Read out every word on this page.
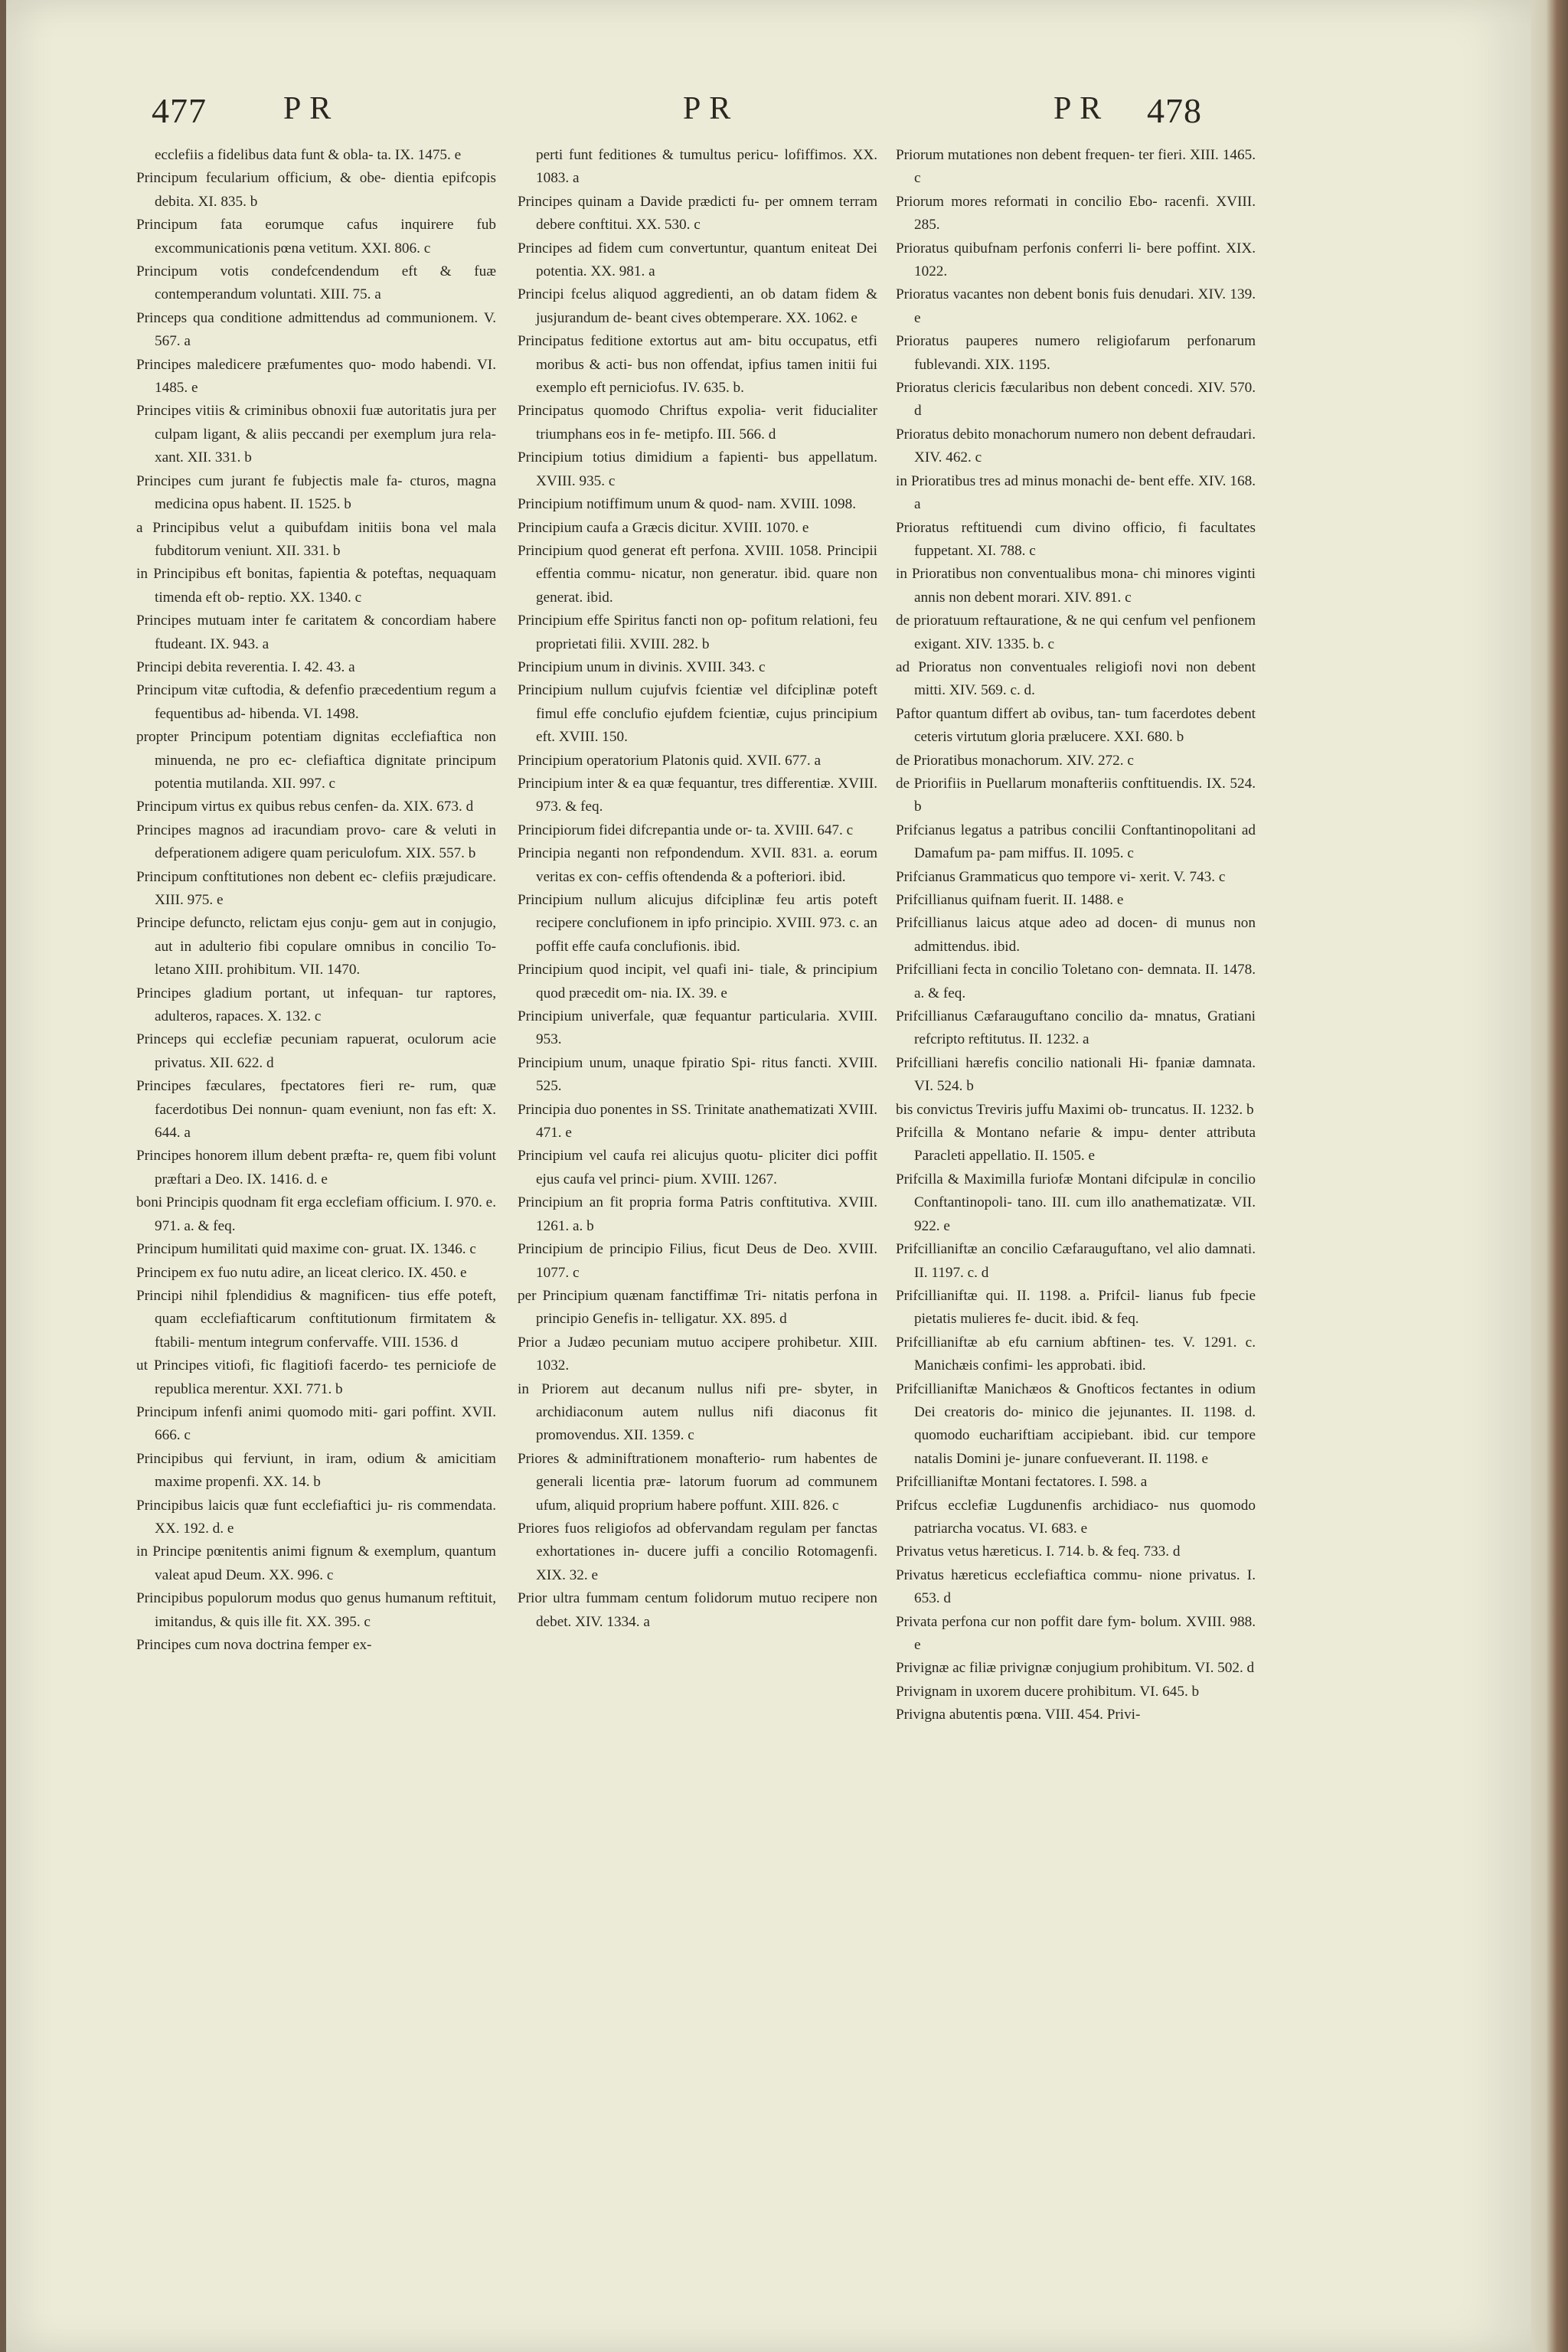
477 P R	P R	P R 478

ecclefiis a fidelibus data funt & obla- ta. IX. 1475. e

Principum fecularium officium, & obe- dientia epifcopis debita. XI. 835. b

Principum fata eorumque cafus inquirere fub excommunicationis pœna vetitum. XXI. 806. c

Principum votis condefcendendum eft & fuæ contemperandum voluntati. XIII. 75. a

Princeps qua conditione admittendus ad communionem. V. 567. a

Principes maledicere præfumentes quo- modo habendi. VI. 1485. e

Principes vitiis & criminibus obnoxii fuæ autoritatis jura per culpam ligant, & aliis peccandi per exemplum jura rela- xant. XII. 331. b

Principes cum jurant fe fubjectis male fa- cturos, magna medicina opus habent. II. 1525. b

a Principibus velut a quibufdam initiis bona vel mala fubditorum veniunt. XII. 331. b

in Principibus eft bonitas, fapientia & poteftas, nequaquam timenda eft ob- reptio. XX. 1340. c

Principes mutuam inter fe caritatem & concordiam habere ftudeant. IX. 943. a

Principi debita reverentia. I. 42. 43. a

Principum vitæ cuftodia, & defenfio præcedentium regum a fequentibus ad- hibenda. VI. 1498.

propter Principum potentiam dignitas ecclefiaftica non minuenda, ne pro ec- clefiaftica dignitate principum potentia mutilanda. XII. 997. c

Principum virtus ex quibus rebus cenfen- da. XIX. 673. d

Principes magnos ad iracundiam provo- care & veluti in defperationem adigere quam periculofum. XIX. 557. b

Principum conftitutiones non debent ec- clefiis præjudicare. XIII. 975. e

Principe defuncto, relictam ejus conju- gem aut in conjugio, aut in adulterio fibi copulare omnibus in concilio To- letano XIII. prohibitum. VII. 1470.

Principes gladium portant, ut infequan- tur raptores, adulteros, rapaces. X. 132. c

Princeps qui ecclefiæ pecuniam rapuerat, oculorum acie privatus. XII. 622. d

Principes fæculares, fpectatores fieri re- rum, quæ facerdotibus Dei nonnun- quam eveniunt, non fas eft: X. 644. a

Principes honorem illum debent præfta- re, quem fibi volunt præftari a Deo. IX. 1416. d. e

boni Principis quodnam fit erga ecclefiam officium. I. 970. e. 971. a. & feq.

Principum humilitati quid maxime con- gruat. IX. 1346. c

Principem ex fuo nutu adire, an liceat clerico. IX. 450. e

Principi nihil fplendidius & magnificen- tius effe poteft, quam ecclefiafticarum conftitutionum firmitatem & ftabili- mentum integrum confervaffe. VIII. 1536. d

ut Principes vitiofi, fic flagitiofi facerdo- tes perniciofe de republica merentur. XXI. 771. b

Principum infenfi animi quomodo miti- gari poffint. XVII. 666. c

Principibus qui ferviunt, in iram, odium & amicitiam maxime propenfi. XX. 14. b

Principibus laicis quæ funt ecclefiaftici ju- ris commendata. XX. 192. d. e

in Principe pœnitentis animi fignum & exemplum, quantum valeat apud Deum. XX. 996. c

Principibus populorum modus quo genus humanum reftituit, imitandus, & quis ille fit. XX. 395. c

Principes cum nova doctrina femper ex-

perti funt feditiones & tumultus pericu- lofiffimos. XX. 1083. a

Principes quinam a Davide prædicti fu- per omnem terram debere conftitui. XX. 530. c

Principes ad fidem cum convertuntur, quantum eniteat Dei potentia. XX. 981. a

Principi fcelus aliquod aggredienti, an ob datam fidem & jusjurandum de- beant cives obtemperare. XX. 1062. e

Principatus feditione extortus aut am- bitu occupatus, etfi moribus & acti- bus non offendat, ipfius tamen initii fui exemplo eft perniciofus. IV. 635. b.

Principatus quomodo Chriftus expolia- verit fiducialiter triumphans eos in fe- metipfo. III. 566. d

Principium totius dimidium a fapienti- bus appellatum. XVIII. 935. c

Principium notiffimum unum & quod- nam. XVIII. 1098.

Principium caufa a Græcis dicitur. XVIII. 1070. e

Principium quod generat eft perfona. XVIII. 1058. Principii effentia commu- nicatur, non generatur. ibid. quare non generat. ibid.

Principium effe Spiritus fancti non op- pofitum relationi, feu proprietati filii. XVIII. 282. b

Principium unum in divinis. XVIII. 343. c

Principium nullum cujufvis fcientiæ vel difciplinæ poteft fimul effe conclufio ejufdem fcientiæ, cujus principium eft. XVIII. 150.

Principium operatorium Platonis quid. XVII. 677. a

Principium inter & ea quæ fequantur, tres differentiæ. XVIII. 973. & feq.

Principiorum fidei difcrepantia unde or- ta. XVIII. 647. c

Principia neganti non refpondendum. XVII. 831. a. eorum veritas ex con- ceffis oftendenda & a pofteriori. ibid.

Principium nullum alicujus difciplinæ feu artis poteft recipere conclufionem in ipfo principio. XVIII. 973. c. an poffit effe caufa conclufionis. ibid.

Principium quod incipit, vel quafi ini- tiale, & principium quod præcedit om- nia. IX. 39. e

Principium univerfale, quæ fequantur particularia. XVIII. 953.

Principium unum, unaque fpiratio Spi- ritus fancti. XVIII. 525.

Principia duo ponentes in SS. Trinitate anathematizati XVIII. 471. e

Principium vel caufa rei alicujus quotu- pliciter dici poffit ejus caufa vel princi- pium. XVIII. 1267.

Principium an fit propria forma Patris conftitutiva. XVIII. 1261. a. b

Principium de principio Filius, ficut Deus de Deo. XVIII. 1077. c

per Principium quænam fanctiffimæ Tri- nitatis perfona in principio Genefis in- telligatur. XX. 895. d

Prior a Judæo pecuniam mutuo accipere prohibetur. XIII. 1032.

in Priorem aut decanum nullus nifi pre- sbyter, in archidiaconum autem nullus nifi diaconus fit promovendus. XII. 1359. c

Priores & adminiftrationem monafterio- rum habentes de generali licentia præ- latorum fuorum ad communem ufum, aliquid proprium habere poffunt. XIII. 826. c

Priores fuos religiofos ad obfervandam regulam per fanctas exhortationes in- ducere juffi a concilio Rotomagenfi. XIX. 32. e

Prior ultra fummam centum folidorum mutuo recipere non debet. XIV. 1334. a

Priorum mutationes non debent frequen- ter fieri. XIII. 1465. c

Priorum mores reformati in concilio Ebo- racenfi. XVIII. 285.

Prioratus quibufnam perfonis conferri li- bere poffint. XIX. 1022.

Prioratus vacantes non debent bonis fuis denudari. XIV. 139. e

Prioratus pauperes numero religiofarum perfonarum fublevandi. XIX. 1195.

Prioratus clericis fæcularibus non debent concedi. XIV. 570. d

Prioratus debito monachorum numero non debent defraudari. XIV. 462. c

in Prioratibus tres ad minus monachi de- bent effe. XIV. 168. a

Prioratus reftituendi cum divino officio, fi facultates fuppetant. XI. 788. c

in Prioratibus non conventualibus mona- chi minores viginti annis non debent morari. XIV. 891. c

de prioratuum reftauratione, & ne qui cenfum vel penfionem exigant. XIV. 1335. b. c

ad Prioratus non conventuales religiofi novi non debent mitti. XIV. 569. c. d.

Paftor quantum differt ab ovibus, tan- tum facerdotes debent ceteris virtutum gloria prælucere. XXI. 680. b

de Prioratibus monachorum. XIV. 272. c

de Priorifiis in Puellarum monafteriis conftituendis. IX. 524. b

Prifcianus legatus a patribus concilii Conftantinopolitani ad Damafum pa- pam miffus. II. 1095. c

Prifcianus Grammaticus quo tempore vi- xerit. V. 743. c

Prifcillianus quifnam fuerit. II. 1488. e

Prifcillianus laicus atque adeo ad docen- di munus non admittendus. ibid.

Prifcilliani fecta in concilio Toletano con- demnata. II. 1478. a. & feq.

Prifcillianus Cæfarauguftano concilio da- mnatus, Gratiani refcripto reftitutus. II. 1232. a

Prifcilliani hærefis concilio nationali Hi- fpaniæ damnata. VI. 524. b

bis convictus Treviris juffu Maximi ob- truncatus. II. 1232. b

Prifcilla & Montano nefarie & impu- denter attributa Paracleti appellatio. II. 1505. e

Prifcilla & Maximilla furiofæ Montani difcipulæ in concilio Conftantinopoli- tano. III. cum illo anathematizatæ. VII. 922. e

Prifcillianiftæ an concilio Cæfarauguftano, vel alio damnati. II. 1197. c. d

Prifcillianiftæ qui. II. 1198. a. Prifcil- lianus fub fpecie pietatis mulieres fe- ducit. ibid. & feq.

Prifcillianiftæ ab efu carnium abftinen- tes. V. 1291. c. Manichæis confimi- les approbati. ibid.

Prifcillianiftæ Manichæos & Gnofticos fectantes in odium Dei creatoris do- minico die jejunantes. II. 1198. d. quomodo euchariftiam accipiebant. ibid. cur tempore natalis Domini je- junare confueverant. II. 1198. e

Prifcillianiftæ Montani fectatores. I. 598. a

Prifcus ecclefiæ Lugdunenfis archidiaco- nus quomodo patriarcha vocatus. VI. 683. e

Privatus vetus hæreticus. I. 714. b. & feq. 733. d

Privatus hæreticus ecclefiaftica commu- nione privatus. I. 653. d

Privata perfona cur non poffit dare fym- bolum. XVIII. 988. e

Privignæ ac filiæ privignæ conjugium prohibitum. VI. 502. d

Privignam in uxorem ducere prohibitum. VI. 645. b

Privigna abutentis pœna. VIII. 454. Privi-
